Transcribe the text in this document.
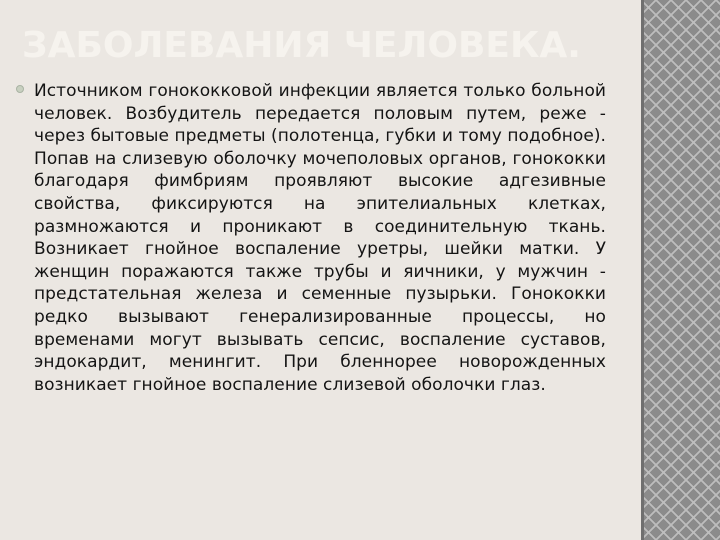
ЗАБОЛЕВАНИЯ ЧЕЛОВЕКА.

Источником гонококковой инфекции является только больной человек. Возбудитель передается половым путем, реже - через бытовые предметы (полотенца, губки и тому подобное). Попав на слизевую оболочку мочеполовых органов, гонококки благодаря фимбриям проявляют высокие адгезивные свойства, фиксируются на эпителиальных клетках, размножаются и проникают в соединительную ткань. Возникает гнойное воспаление уретры, шейки матки. У женщин поражаются также трубы и яичники, у мужчин - предстательная железа и семенные пузырьки. Гонококки редко вызывают генерализированные процессы, но временами могут вызывать сепсис, воспаление суставов, эндокардит, менингит. При бленнорее новорожденных возникает гнойное воспаление слизевой оболочки глаз.
